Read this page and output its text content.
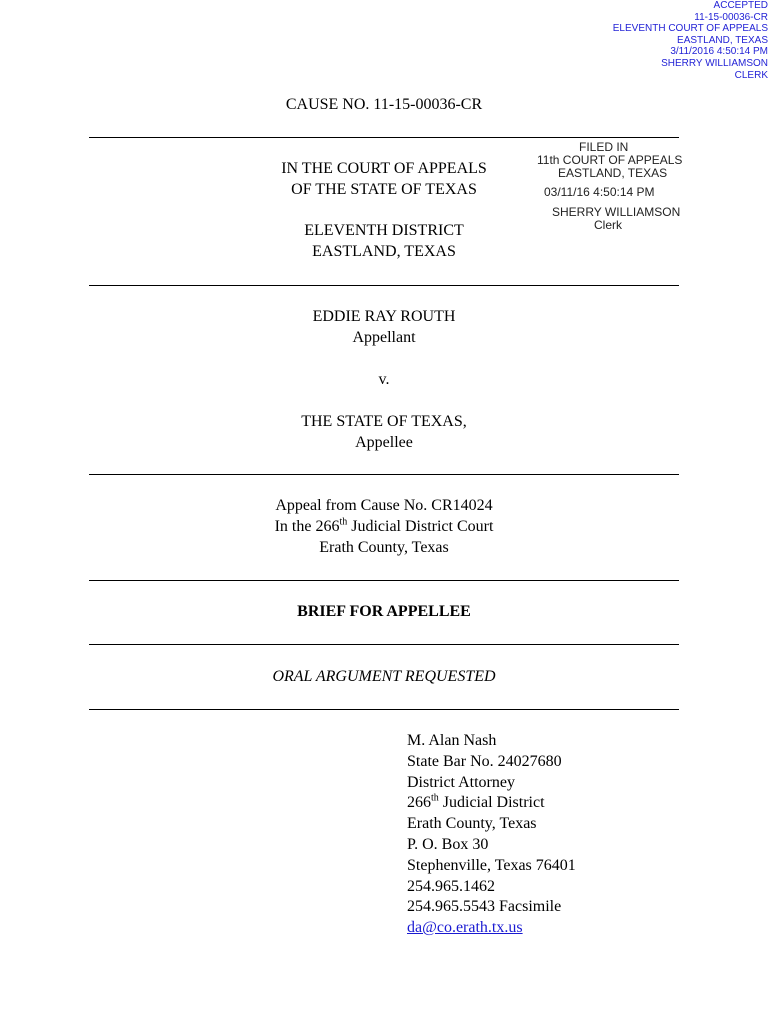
ACCEPTED
11-15-00036-CR
ELEVENTH COURT OF APPEALS
EASTLAND, TEXAS
3/11/2016 4:50:14 PM
SHERRY WILLIAMSON
CLERK
CAUSE NO. 11-15-00036-CR
IN THE COURT OF APPEALS
OF THE STATE OF TEXAS
ELEVENTH DISTRICT
EASTLAND, TEXAS
FILED IN
11th COURT OF APPEALS
EASTLAND, TEXAS
03/11/16 4:50:14 PM
SHERRY WILLIAMSON
Clerk
EDDIE RAY ROUTH
Appellant
v.
THE STATE OF TEXAS,
Appellee
Appeal from Cause No. CR14024
In the 266th Judicial District Court
Erath County, Texas
BRIEF FOR APPELLEE
ORAL ARGUMENT REQUESTED
M. Alan Nash
State Bar No. 24027680
District Attorney
266th Judicial District
Erath County, Texas
P. O. Box 30
Stephenville, Texas 76401
254.965.1462
254.965.5543 Facsimile
da@co.erath.tx.us
